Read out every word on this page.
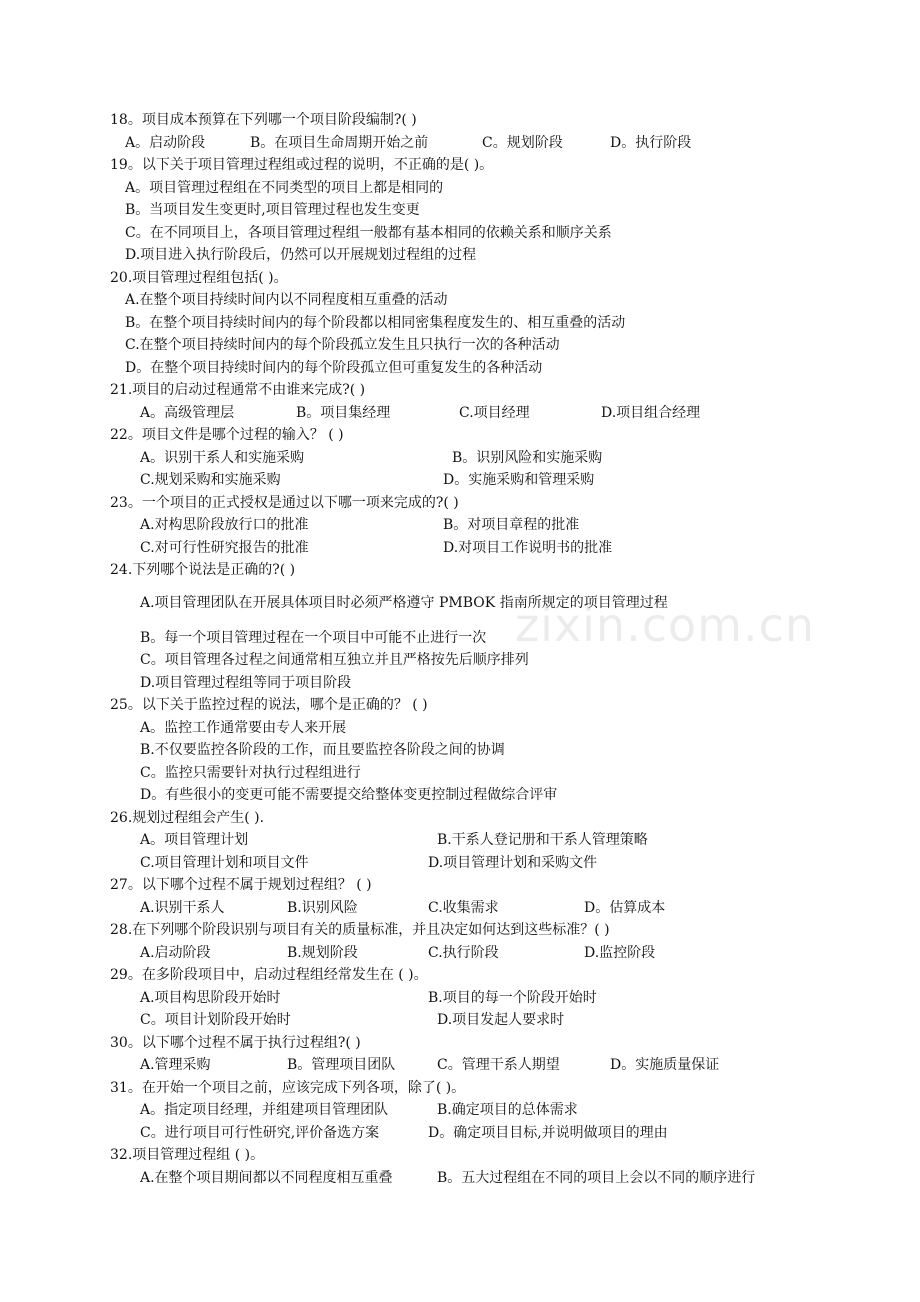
zixin.com.cn
18。项目成本预算在下列哪一个项目阶段编制?( )
A。启动阶段	B。在项目生命周期开始之前	C。规划阶段	D。执行阶段
19。以下关于项目管理过程组或过程的说明，不正确的是( )。
A。项目管理过程组在不同类型的项目上都是相同的
B。当项目发生变更时,项目管理过程也发生变更
C。在不同项目上，各项目管理过程组一般都有基本相同的依赖关系和顺序关系
D.项目进入执行阶段后，仍然可以开展规划过程组的过程
20.项目管理过程组包括( )。
A.在整个项目持续时间内以不同程度相互重叠的活动
B。在整个项目持续时间内的每个阶段都以相同密集程度发生的、相互重叠的活动
C.在整个项目持续时间内的每个阶段孤立发生且只执行一次的各种活动
D。在整个项目持续时间内的每个阶段孤立但可重复发生的各种活动
21.项目的启动过程通常不由谁来完成?( )
A。高级管理层	B。项目集经理	C.项目经理	D.项目组合经理
22。项目文件是哪个过程的输入？ ( )
A。识别干系人和实施采购	B。识别风险和实施采购
C.规划采购和实施采购	D。实施采购和管理采购
23。一个项目的正式授权是通过以下哪一项来完成的?( )
A.对构思阶段放行口的批准	B。对项目章程的批准
C.对可行性研究报告的批准	D.对项目工作说明书的批准
24.下列哪个说法是正确的?( )
A.项目管理团队在开展具体项目时必须严格遵守 PMBOK 指南所规定的项目管理过程
B。每一个项目管理过程在一个项目中可能不止进行一次
C。项目管理各过程之间通常相互独立并且严格按先后顺序排列
D.项目管理过程组等同于项目阶段
25。以下关于监控过程的说法，哪个是正确的？ ( )
A。监控工作通常要由专人来开展
B.不仅要监控各阶段的工作，而且要监控各阶段之间的协调
C。监控只需要针对执行过程组进行
D。有些很小的变更可能不需要提交给整体变更控制过程做综合评审
26.规划过程组会产生( ).
A。项目管理计划	B.干系人登记册和干系人管理策略
C.项目管理计划和项目文件	D.项目管理计划和采购文件
27。以下哪个过程不属于规划过程组？ ( )
A.识别干系人	B.识别风险	C.收集需求	D。估算成本
28.在下列哪个阶段识别与项目有关的质量标准，并且决定如何达到这些标准？( )
A.启动阶段	B.规划阶段	C.执行阶段	D.监控阶段
29。在多阶段项目中，启动过程组经常发生在 ( )。
A.项目构思阶段开始时	B.项目的每一个阶段开始时
C。项目计划阶段开始时	D.项目发起人要求时
30。以下哪个过程不属于执行过程组?( )
A.管理采购	B。管理项目团队	C。管理干系人期望	D。实施质量保证
31。在开始一个项目之前，应该完成下列各项，除了( )。
A。指定项目经理，并组建项目管理团队	B.确定项目的总体需求
C。进行项目可行性研究,评价备选方案	D。确定项目目标,并说明做项目的理由
32.项目管理过程组 ( )。
A.在整个项目期间都以不同程度相互重叠	B。五大过程组在不同的项目上会以不同的顺序进行
